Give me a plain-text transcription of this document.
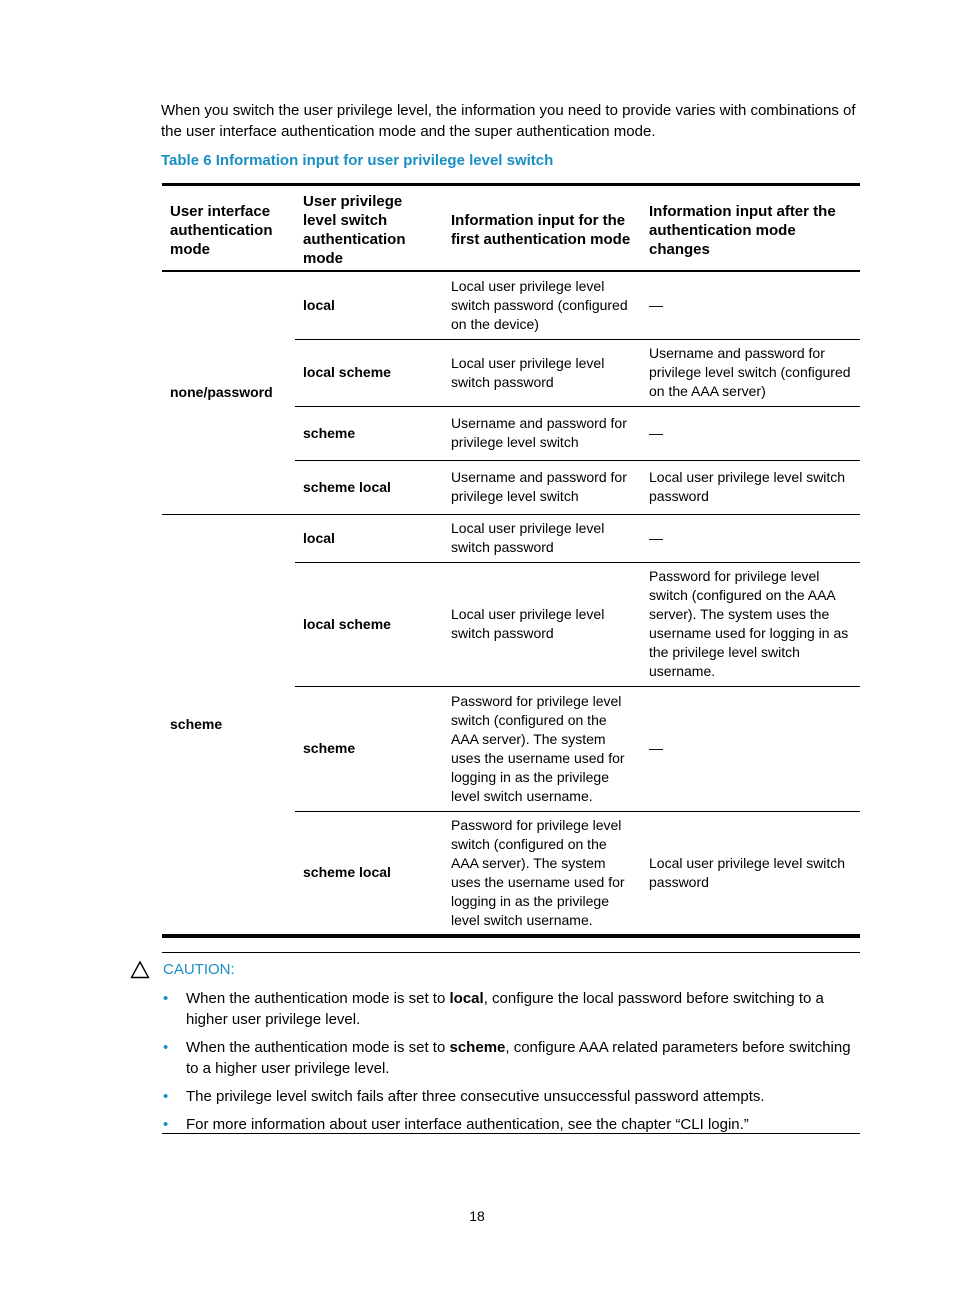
When you switch the user privilege level, the information you need to provide varies with combinations of the user interface authentication mode and the super authentication mode.

Table 6 Information input for user privilege level switch

User interface authentication mode	User privilege level switch authentication mode	Information input for the first authentication mode	Information input after the authentication mode changes
none/password	local	Local user privilege level switch password (configured on the device)	—
	local scheme	Local user privilege level switch password	Username and password for privilege level switch (configured on the AAA server)
	scheme	Username and password for privilege level switch	—
	scheme local	Username and password for privilege level switch	Local user privilege level switch password
scheme	local	Local user privilege level switch password	—
	local scheme	Local user privilege level switch password	Password for privilege level switch (configured on the AAA server). The system uses the username used for logging in as the privilege level switch username.
	scheme	Password for privilege level switch (configured on the AAA server). The system uses the username used for logging in as the privilege level switch username.	—
	scheme local	Password for privilege level switch (configured on the AAA server). The system uses the username used for logging in as the privilege level switch username.	Local user privilege level switch password
CAUTION:
• When the authentication mode is set to local, configure the local password before switching to a higher user privilege level.
• When the authentication mode is set to scheme, configure AAA related parameters before switching to a higher user privilege level.
• The privilege level switch fails after three consecutive unsuccessful password attempts.
• For more information about user interface authentication, see the chapter “CLI login.”
18
